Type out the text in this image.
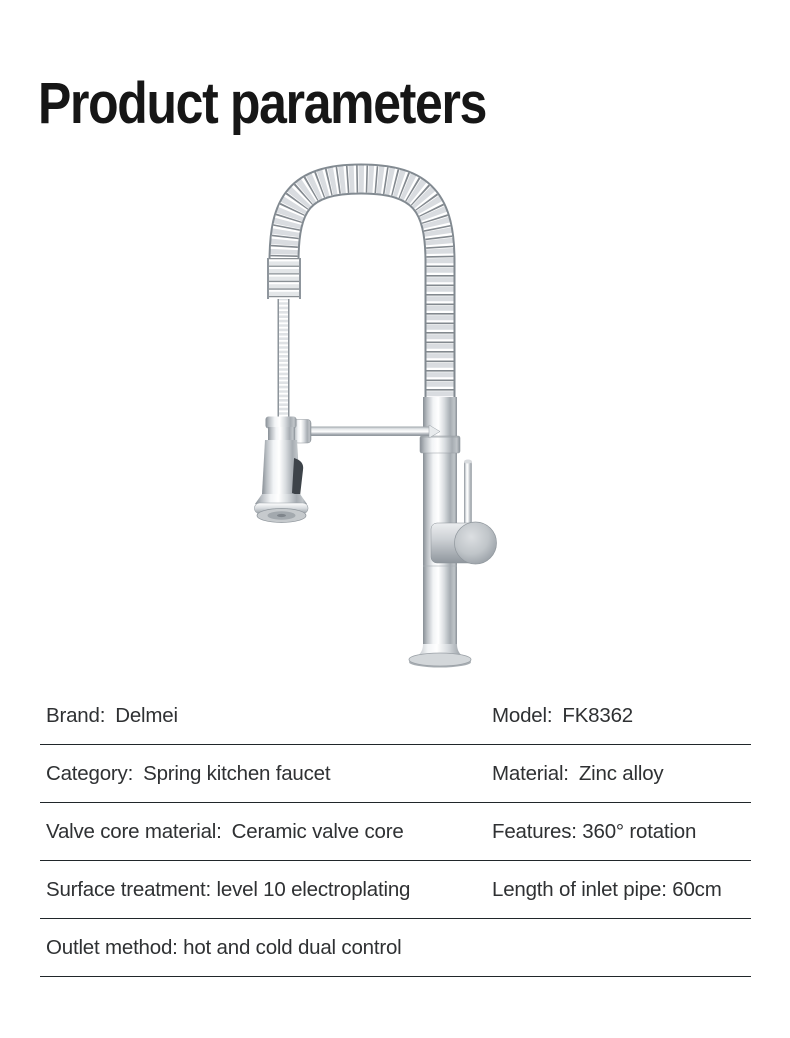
Product parameters
Brand: Delmei	Model: FK8362
Category: Spring kitchen faucet	Material: Zinc alloy
Valve core material: Ceramic valve core	Features: 360° rotation
Surface treatment: level 10 electroplating	Length of inlet pipe: 60cm
Outlet method: hot and cold dual control
